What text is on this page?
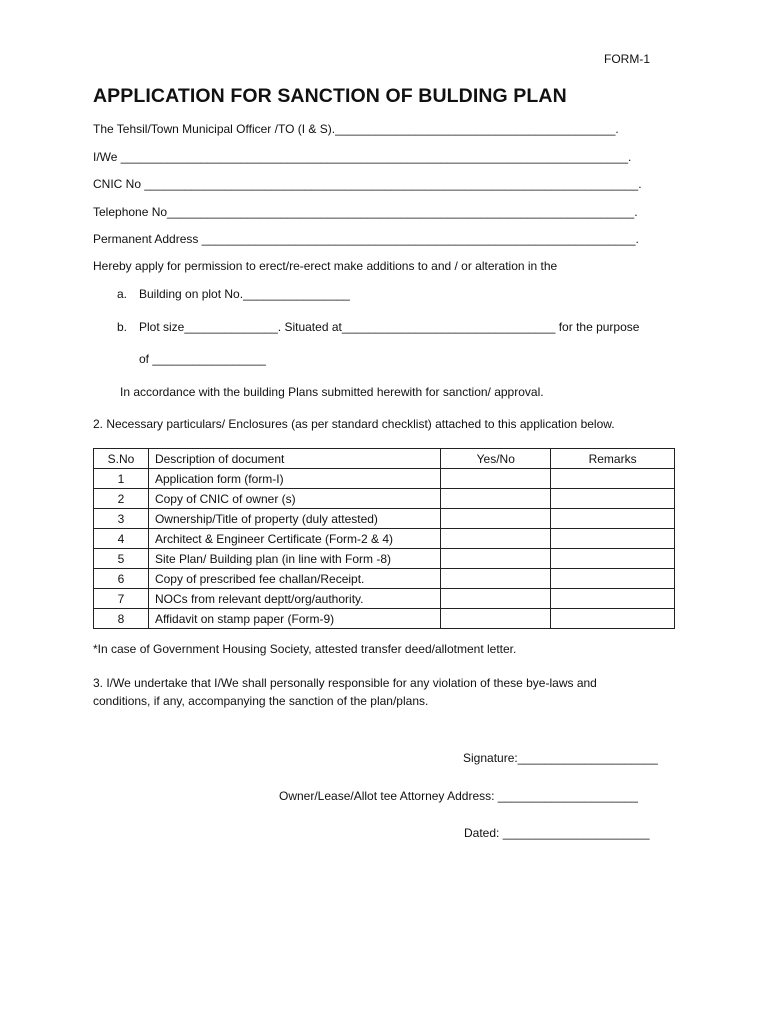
FORM-1
APPLICATION FOR SANCTION OF BULDING PLAN
The Tehsil/Town Municipal Officer /TO (I & S).__________________________________________.
I/We ____________________________________________________________________________.
CNIC No __________________________________________________________________________.
Telephone No______________________________________________________________________.
Permanent Address _________________________________________________________________.
Hereby apply for permission to erect/re-erect make additions to and / or alteration in the
a. Building on plot No.________________
b. Plot size______________. Situated at________________________________ for the purpose
of _________________
In accordance with the building Plans submitted herewith for sanction/ approval.
2. Necessary particulars/ Enclosures (as per standard checklist) attached to this application below.
S.No	Description of document	Yes/No	Remarks
1	Application form (form-I)		
2	Copy of CNIC of owner (s)		
3	Ownership/Title of property (duly attested)		
4	Architect & Engineer Certificate (Form-2 & 4)		
5	Site Plan/ Building plan (in line with Form -8)		
6	Copy of prescribed fee challan/Receipt.		
7	NOCs from relevant deptt/org/authority.		
8	Affidavit on stamp paper (Form-9)		
*In case of Government Housing Society, attested transfer deed/allotment letter.
3. I/We undertake that I/We shall personally responsible for any violation of these bye-laws and
conditions, if any, accompanying the sanction of the plan/plans.
Signature:_____________________
Owner/Lease/Allot tee Attorney Address: _____________________
Dated: ______________________
